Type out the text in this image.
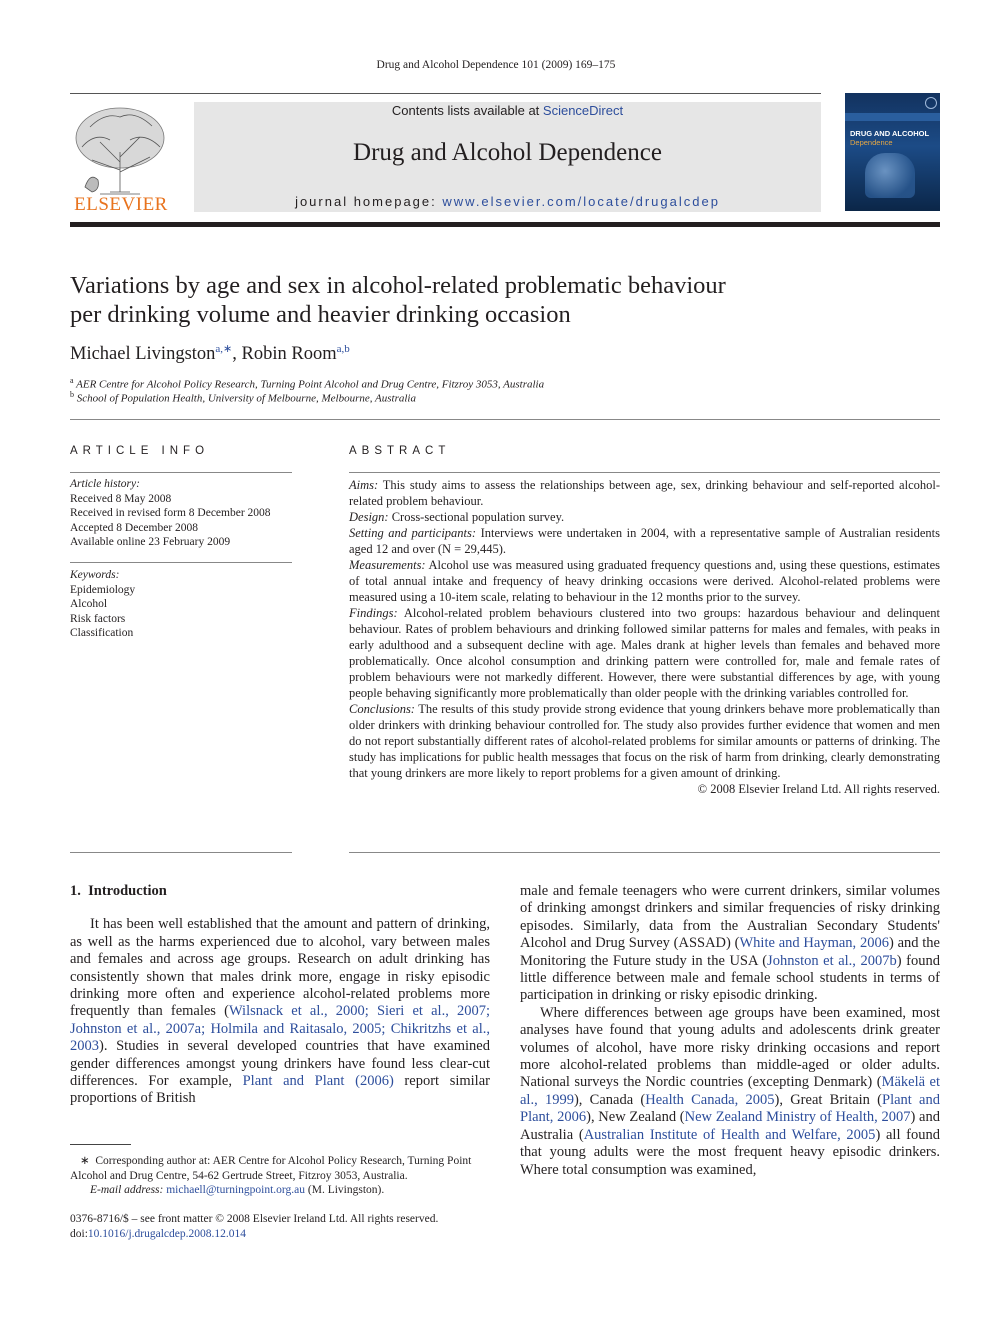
Drug and Alcohol Dependence 101 (2009) 169–175
ELSEVIER
Contents lists available at ScienceDirect
Drug and Alcohol Dependence
journal homepage: www.elsevier.com/locate/drugalcdep
DRUG AND ALCOHOL
Dependence
Variations by age and sex in alcohol-related problematic behaviour
per drinking volume and heavier drinking occasion
Michael Livingston$^{a,∗}$, Robin Room$^{a,b}$
$^a$ AER Centre for Alcohol Policy Research, Turning Point Alcohol and Drug Centre, Fitzroy 3053, Australia
$^b$ School of Population Health, University of Melbourne, Melbourne, Australia
ARTICLE INFO
Article history:
Received 8 May 2008
Received in revised form 8 December 2008
Accepted 8 December 2008
Available online 23 February 2009
Keywords:
Epidemiology
Alcohol
Risk factors
Classification
ABSTRACT

Aims: This study aims to assess the relationships between age, sex, drinking behaviour and self-reported alcohol-related problem behaviour.

Design: Cross-sectional population survey.

Setting and participants: Interviews were undertaken in 2004, with a representative sample of Australian residents aged 12 and over (N = 29,445).

Measurements: Alcohol use was measured using graduated frequency questions and, using these questions, estimates of total annual intake and frequency of heavy drinking occasions were derived. Alcohol-related problems were measured using a 10-item scale, relating to behaviour in the 12 months prior to the survey.

Findings: Alcohol-related problem behaviours clustered into two groups: hazardous behaviour and delinquent behaviour. Rates of problem behaviours and drinking followed similar patterns for males and females, with peaks in early adulthood and a subsequent decline with age. Males drank at higher levels than females and behaved more problematically. Once alcohol consumption and drinking pattern were controlled for, male and female rates of problem behaviours were not markedly different. However, there were substantial differences by age, with young people behaving significantly more problematically than older people with the drinking variables controlled for.

Conclusions: The results of this study provide strong evidence that young drinkers behave more problematically than older drinkers with drinking behaviour controlled for. The study also provides further evidence that women and men do not report substantially different rates of alcohol-related problems for similar amounts or patterns of drinking. The study has implications for public health messages that focus on the risk of harm from drinking, clearly demonstrating that young drinkers are more likely to report problems for a given amount of drinking.

© 2008 Elsevier Ireland Ltd. All rights reserved.

1. Introduction

It has been well established that the amount and pattern of drinking, as well as the harms experienced due to alcohol, vary between males and females and across age groups. Research on adult drinking has consistently shown that males drink more, engage in risky episodic drinking more often and experience alcohol-related problems more frequently than females (Wilsnack et al., 2000; Sieri et al., 2007; Johnston et al., 2007a; Holmila and Raitasalo, 2005; Chikritzhs et al., 2003). Studies in several developed countries that have examined gender differences amongst young drinkers have found less clear-cut differences. For example, Plant and Plant (2006) report similar proportions of British

male and female teenagers who were current drinkers, similar volumes of drinking amongst drinkers and similar frequencies of risky drinking episodes. Similarly, data from the Australian Secondary Students' Alcohol and Drug Survey (ASSAD) (White and Hayman, 2006) and the Monitoring the Future study in the USA (Johnston et al., 2007b) found little difference between male and female school students in terms of participation in drinking or risky episodic drinking.

Where differences between age groups have been examined, most analyses have found that young adults and adolescents drink greater volumes of alcohol, have more risky drinking occasions and report more alcohol-related problems than middle-aged or older adults. National surveys the Nordic countries (excepting Denmark) (Mäkelä et al., 1999), Canada (Health Canada, 2005), Great Britain (Plant and Plant, 2006), New Zealand (New Zealand Ministry of Health, 2007) and Australia (Australian Institute of Health and Welfare, 2005) all found that young adults were the most frequent heavy episodic drinkers. Where total consumption was examined,

∗ Corresponding author at: AER Centre for Alcohol Policy Research, Turning Point Alcohol and Drug Centre, 54-62 Gertrude Street, Fitzroy 3053, Australia.
E-mail address: michaell@turningpoint.org.au (M. Livingston).
0376-8716/$ – see front matter © 2008 Elsevier Ireland Ltd. All rights reserved.
doi:10.1016/j.drugalcdep.2008.12.014
